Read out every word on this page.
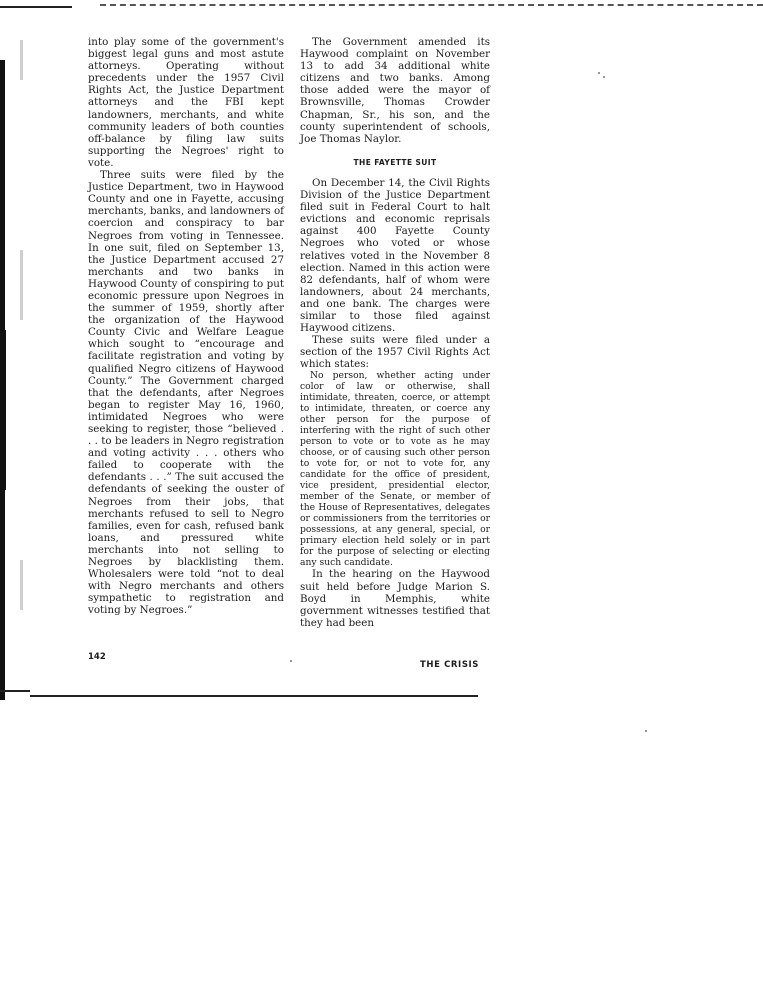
into play some of the government's biggest legal guns and most astute attorneys. Operating without precedents under the 1957 Civil Rights Act, the Justice Department attorneys and the FBI kept landowners, merchants, and white community leaders of both counties off-balance by filing law suits supporting the Negroes' right to vote.

Three suits were filed by the Justice Department, two in Haywood County and one in Fayette, accusing merchants, banks, and landowners of coercion and conspiracy to bar Negroes from voting in Tennessee. In one suit, filed on September 13, the Justice Department accused 27 merchants and two banks in Haywood County of conspiring to put economic pressure upon Negroes in the summer of 1959, shortly after the organization of the Haywood County Civic and Welfare League which sought to “encourage and facilitate registration and voting by qualified Negro citizens of Haywood County.” The Government charged that the defendants, after Negroes began to register May 16, 1960, intimidated Negroes who were seeking to register, those “believed . . . to be leaders in Negro registration and voting activity . . . others who failed to cooperate with the defendants . . .” The suit accused the defendants of seeking the ouster of Negroes from their jobs, that merchants refused to sell to Negro families, even for cash, refused bank loans, and pressured white merchants into not selling to Negroes by blacklisting them. Wholesalers were told “not to deal with Negro merchants and others sympathetic to registration and voting by Negroes.”

The Government amended its Haywood complaint on November 13 to add 34 additional white citizens and two banks. Among those added were the mayor of Brownsville, Thomas Crowder Chapman, Sr., his son, and the county superintendent of schools, Joe Thomas Naylor.

THE FAYETTE SUIT

On December 14, the Civil Rights Division of the Justice Department filed suit in Federal Court to halt evictions and economic reprisals against 400 Fayette County Negroes who voted or whose relatives voted in the November 8 election. Named in this action were 82 defendants, half of whom were landowners, about 24 merchants, and one bank. The charges were similar to those filed against Haywood citizens.

These suits were filed under a section of the 1957 Civil Rights Act which states:

No person, whether acting under color of law or otherwise, shall intimidate, threaten, coerce, or attempt to intimidate, threaten, or coerce any other person for the purpose of interfering with the right of such other person to vote or to vote as he may choose, or of causing such other person to vote for, or not to vote for, any candidate for the office of president, vice president, presidential elector, member of the Senate, or member of the House of Representatives, delegates or commissioners from the territories or possessions, at any general, special, or primary election held solely or in part for the purpose of selecting or electing any such candidate.

In the hearing on the Haywood suit held before Judge Marion S. Boyd in Memphis, white government witnesses testified that they had been

142
THE CRISIS
